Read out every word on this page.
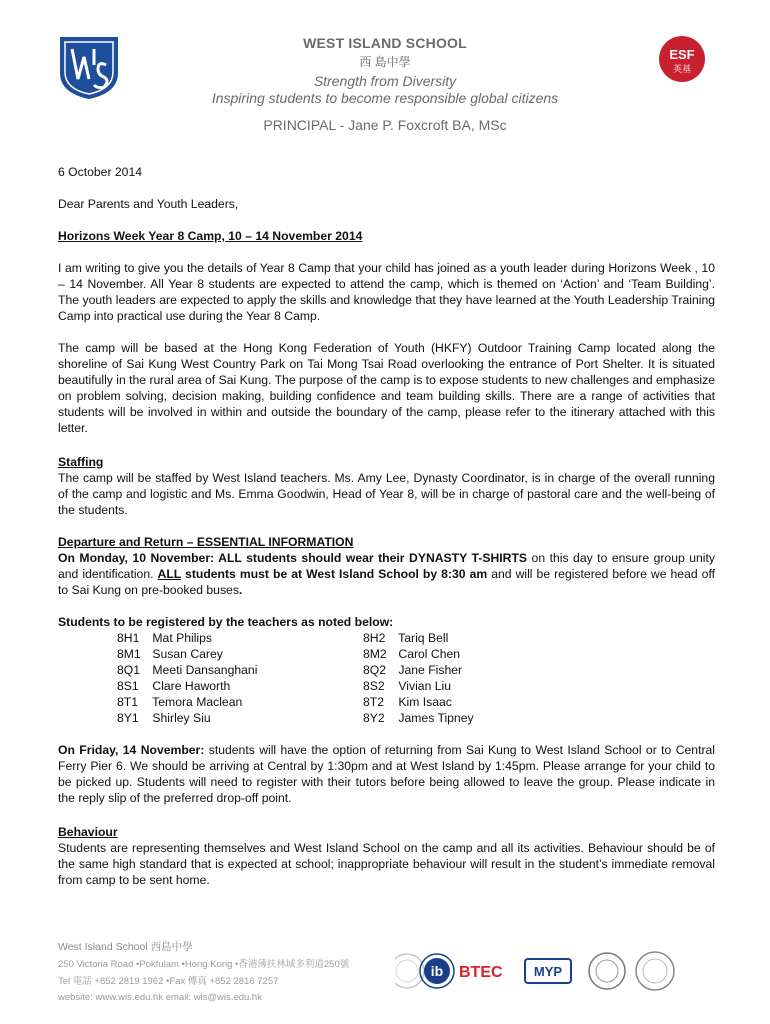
WEST ISLAND SCHOOL
西 島中學
Strength from Diversity
Inspiring students to become responsible global citizens
PRINCIPAL - Jane P. Foxcroft BA, MSc
ESF
英基
6 October 2014
Dear Parents and Youth Leaders,
Horizons Week Year 8 Camp, 10 – 14 November 2014
I am writing to give you the details of Year 8 Camp that your child has joined as a youth leader during Horizons Week , 10 – 14 November. All Year 8 students are expected to attend the camp, which is themed on ‘Action’ and ‘Team Building’. The youth leaders are expected to apply the skills and knowledge that they have learned at the Youth Leadership Training Camp into practical use during the Year 8 Camp.
The camp will be based at the Hong Kong Federation of Youth (HKFY) Outdoor Training Camp located along the shoreline of Sai Kung West Country Park on Tai Mong Tsai Road overlooking the entrance of Port Shelter. It is situated beautifully in the rural area of Sai Kung. The purpose of the camp is to expose students to new challenges and emphasize on problem solving, decision making, building confidence and team building skills. There are a range of activities that students will be involved in within and outside the boundary of the camp, please refer to the itinerary attached with this letter.
Staffing
The camp will be staffed by West Island teachers. Ms. Amy Lee, Dynasty Coordinator, is in charge of the overall running of the camp and logistic and Ms. Emma Goodwin, Head of Year 8, will be in charge of pastoral care and the well-being of the students.
Departure and Return – ESSENTIAL INFORMATION
On Monday, 10 November: ALL students should wear their DYNASTY T-SHIRTS on this day to ensure group unity and identification. ALL students must be at West Island School by 8:30 am and will be registered before we head off to Sai Kung on pre-booked buses.
Students to be registered by the teachers as noted below:
8H1 Mat Philips	8H2 Tariq Bell
8M1 Susan Carey	8M2 Carol Chen
8Q1 Meeti Dansanghani	8Q2 Jane Fisher
8S1 Clare Haworth	8S2 Vivian Liu
8T1 Temora Maclean	8T2 Kim Isaac
8Y1 Shirley Siu	8Y2 James Tipney
On Friday, 14 November: students will have the option of returning from Sai Kung to West Island School or to Central Ferry Pier 6. We should be arriving at Central by 1:30pm and at West Island by 1:45pm. Please arrange for your child to be picked up. Students will need to register with their tutors before being allowed to leave the group. Please indicate in the reply slip of the preferred drop-off point.
Behaviour
Students are representing themselves and West Island School on the camp and all its activities. Behaviour should be of the same high standard that is expected at school; inappropriate behaviour will result in the student’s immediate removal from camp to be sent home.
West Island School 西島中學
250 Victoria Road •Pokfulam •Hong Kong •香港薄扶林域多利道250號
Tel 電話 +852 2819 1962 •Fax 傳真 +852 2816 7257
website: www.wis.edu.hk email: wis@wis.edu.hk
ib BTEC MYP
